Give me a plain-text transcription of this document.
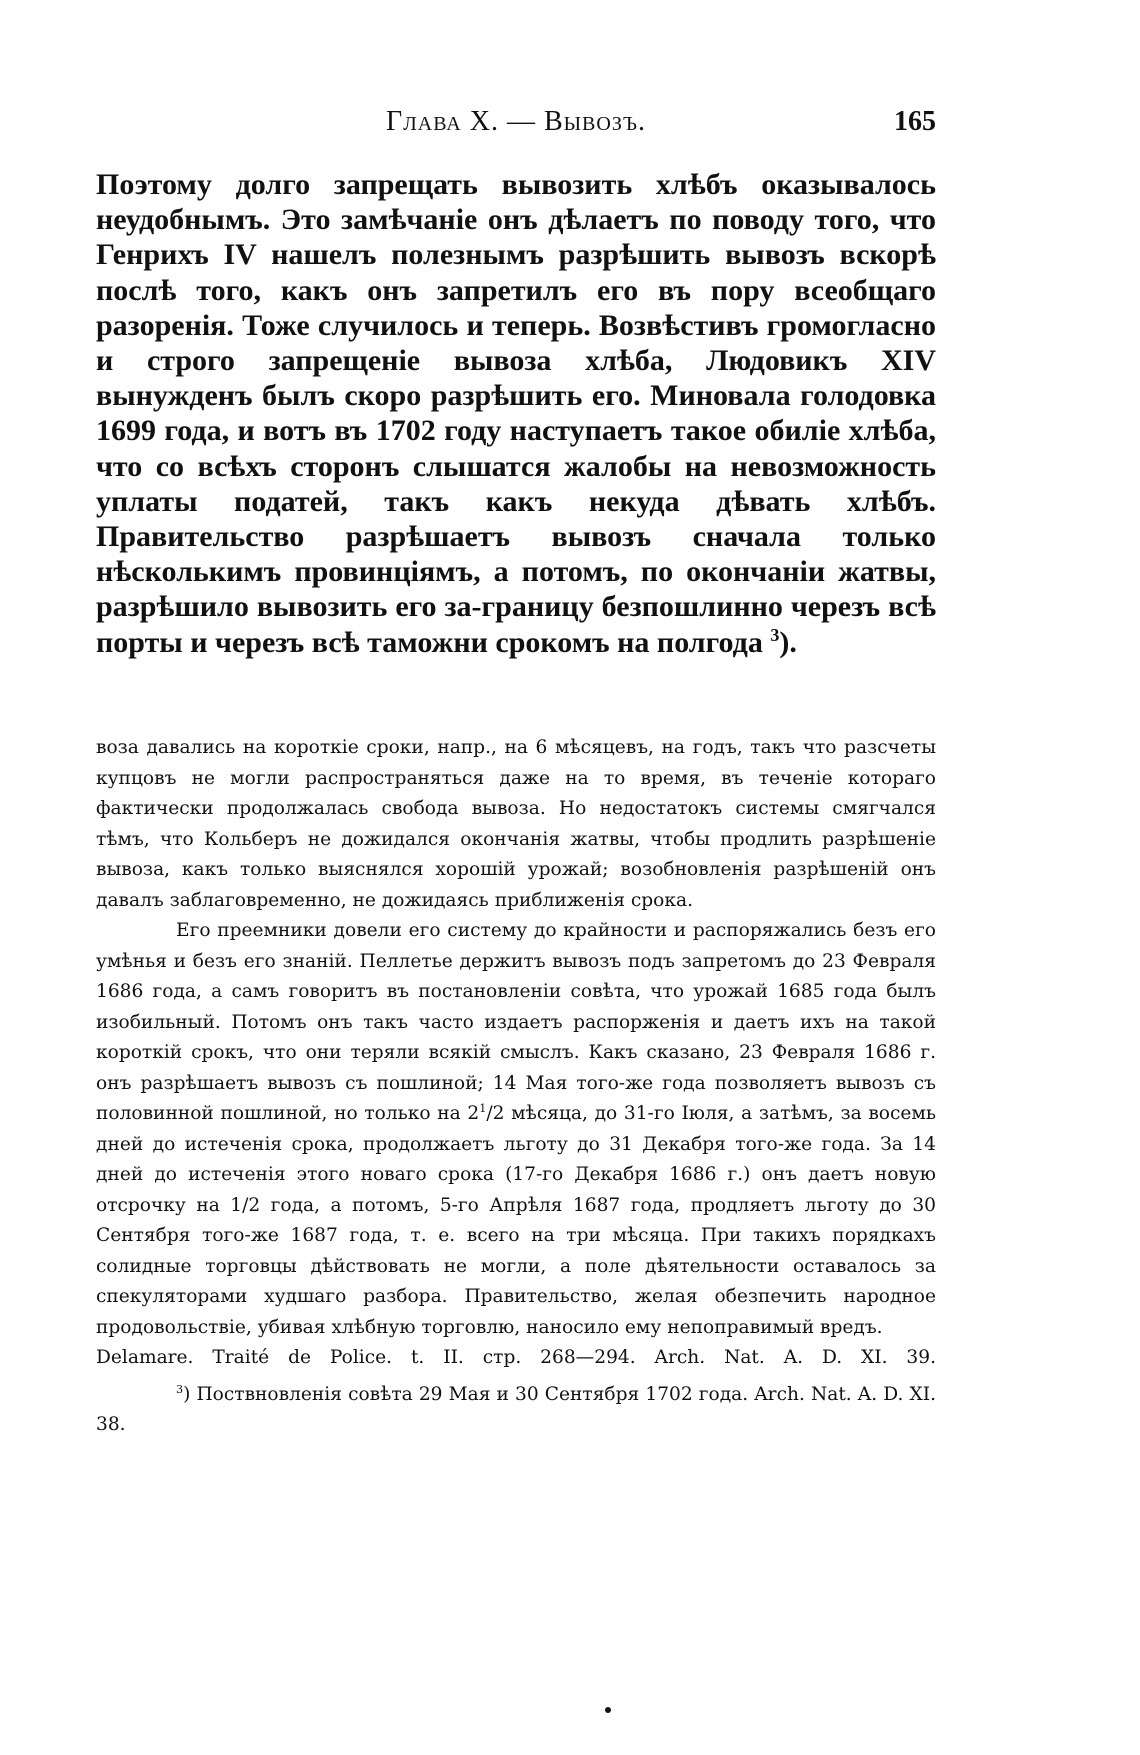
Глава X. — Вывозъ.	165

Поэтому долго запрещать вывозить хлѣбъ оказывалось неудобнымъ. Это замѣчаніе онъ дѣлаетъ по поводу того, что Генрихъ IV нашелъ полезнымъ разрѣшить вывозъ вскорѣ послѣ того, какъ онъ запретилъ его въ пору всеобщаго разоренія. Тоже случилось и теперь. Возвѣстивъ громогласно и строго запрещеніе вывоза хлѣба, Людовикъ XIV вынужденъ былъ скоро разрѣшить его. Миновала голодовка 1699 года, и вотъ въ 1702 году наступаетъ такое обиліе хлѣба, что со всѣхъ сторонъ слышатся жалобы на невозможность уплаты податей, такъ какъ некуда дѣвать хлѣбъ. Правительство разрѣшаетъ вывозъ сначала только нѣсколькимъ провинціямъ, а потомъ, по окончаніи жатвы, разрѣшило вывозить его за-границу безпошлинно черезъ всѣ порты и черезъ всѣ таможни срокомъ на полгода $^3$).

воза давались на короткіе сроки, напр., на 6 мѣсяцевъ, на годъ, такъ что разсчеты купцовъ не могли распространяться даже на то время, въ теченіе котораго фактически продолжалась свобода вывоза. Но недостатокъ системы смягчался тѣмъ, что Кольберъ не дожидался окончанія жатвы, чтобы продлить разрѣшеніе вывоза, какъ только выяснялся хорошій урожай; возобновленія разрѣшеній онъ давалъ заблаговременно, не дожидаясь приближенія срока.

Его преемники довели его систему до крайности и распоряжались безъ его умѣнья и безъ его знаній. Пеллетье держитъ вывозъ подъ запретомъ до 23 Февраля 1686 года, а самъ говоритъ въ постановленіи совѣта, что урожай 1685 года былъ изобильный. Потомъ онъ такъ часто издаетъ распорженія и даетъ ихъ на такой короткій срокъ, что они теряли всякій смыслъ. Какъ сказано, 23 Февраля 1686 г. онъ разрѣшаетъ вывозъ съ пошлиной; 14 Мая того-же года позволяетъ вывозъ съ половинной пошлиной, но только на $2^1/2$ мѣсяца, до 31-го Іюля, а затѣмъ, за восемь дней до истеченія срока, продолжаетъ льготу до 31 Декабря того-же года. За 14 дней до истеченія этого новаго срока (17-го Декабря 1686 г.) онъ даетъ новую отсрочку на 1/2 года, а потомъ, 5-го Апрѣля 1687 года, продляетъ льготу до 30 Сентября того-же 1687 года, т. е. всего на три мѣсяца. При такихъ порядкахъ солидные торговцы дѣйствовать не могли, а поле дѣятельности оставалось за спекуляторами худшаго разбора. Правительство, желая обезпечить народное продовольствіе, убивая хлѣбную торговлю, наносило ему непоправимый вредъ.

Delamare. Traité de Police. t. II. стр. 268—294. Arch. Nat. A. D. XI. 39.

$^3$) Поствновленія совѣта 29 Мая и 30 Сентября 1702 года. Arch. Nat. A. D. XI. 38.
